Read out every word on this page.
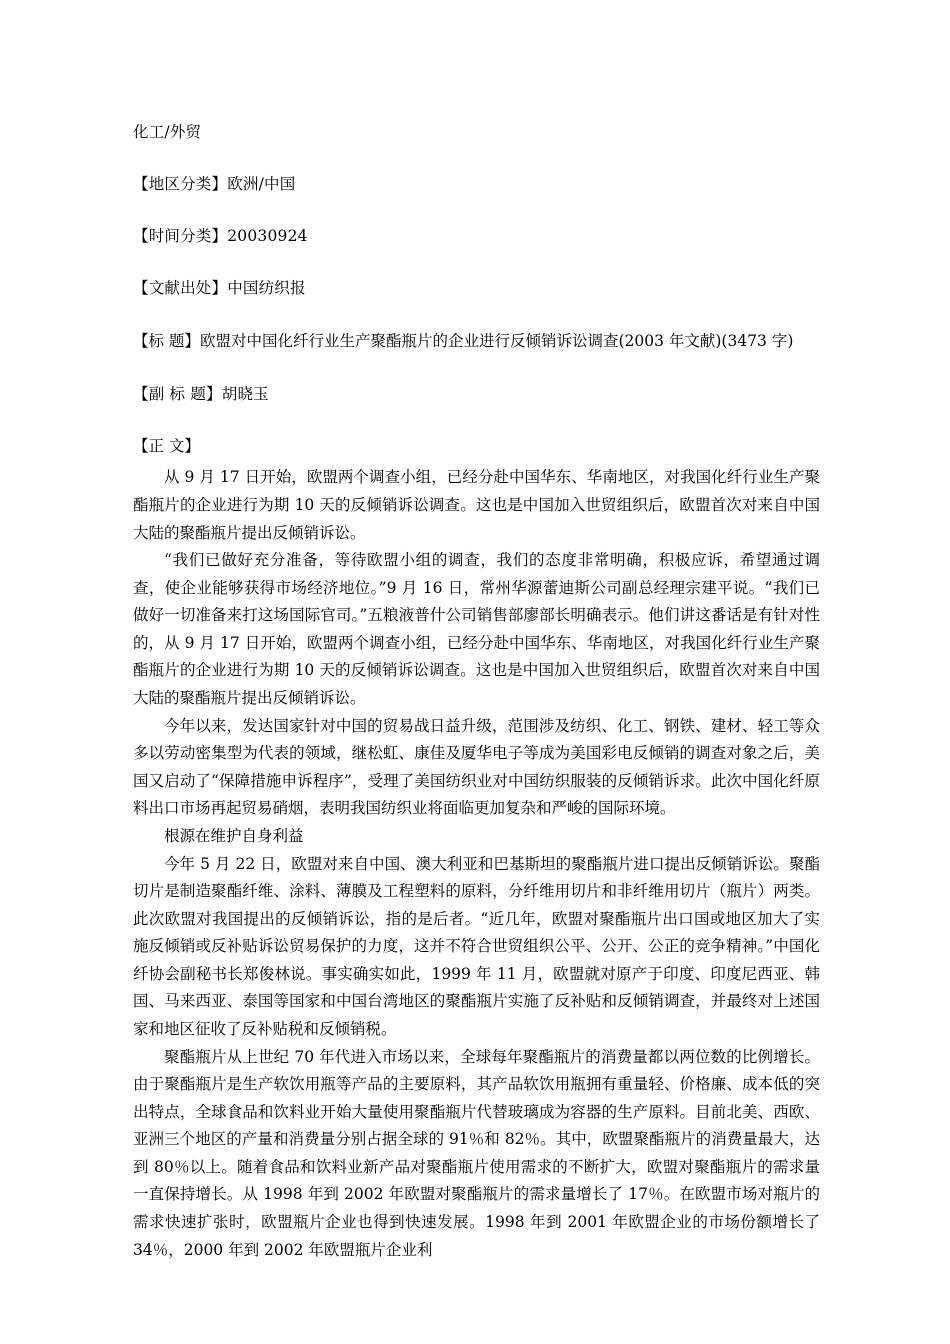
化工/外贸
【地区分类】欧洲/中国
【时间分类】20030924
【文献出处】中国纺织报
【标 题】欧盟对中国化纤行业生产聚酯瓶片的企业进行反倾销诉讼调查(2003 年文献)(3473 字)
【副 标 题】胡晓玉
【正 文】

从 9 月 17 日开始，欧盟两个调查小组，已经分赴中国华东、华南地区，对我国化纤行业生产聚酯瓶片的企业进行为期 10 天的反倾销诉讼调查。这也是中国加入世贸组织后，欧盟首次对来自中国大陆的聚酯瓶片提出反倾销诉讼。

“我们已做好充分准备，等待欧盟小组的调查，我们的态度非常明确，积极应诉，希望通过调查，使企业能够获得市场经济地位。”9 月 16 日，常州华源蕾迪斯公司副总经理宗建平说。“我们已做好一切准备来打这场国际官司。”五粮液普什公司销售部廖部长明确表示。他们讲这番话是有针对性的，从 9 月 17 日开始，欧盟两个调查小组，已经分赴中国华东、华南地区，对我国化纤行业生产聚酯瓶片的企业进行为期 10 天的反倾销诉讼调查。这也是中国加入世贸组织后，欧盟首次对来自中国大陆的聚酯瓶片提出反倾销诉讼。

今年以来，发达国家针对中国的贸易战日益升级，范围涉及纺织、化工、钢铁、建材、轻工等众多以劳动密集型为代表的领域，继松虹、康佳及厦华电子等成为美国彩电反倾销的调查对象之后，美国又启动了“保障措施申诉程序”，受理了美国纺织业对中国纺织服装的反倾销诉求。此次中国化纤原料出口市场再起贸易硝烟，表明我国纺织业将面临更加复杂和严峻的国际环境。

根源在维护自身利益

今年 5 月 22 日，欧盟对来自中国、澳大利亚和巴基斯坦的聚酯瓶片进口提出反倾销诉讼。聚酯切片是制造聚酯纤维、涂料、薄膜及工程塑料的原料，分纤维用切片和非纤维用切片（瓶片）两类。此次欧盟对我国提出的反倾销诉讼，指的是后者。“近几年，欧盟对聚酯瓶片出口国或地区加大了实施反倾销或反补贴诉讼贸易保护的力度，这并不符合世贸组织公平、公开、公正的竞争精神。”中国化纤协会副秘书长郑俊林说。事实确实如此，1999 年 11 月，欧盟就对原产于印度、印度尼西亚、韩国、马来西亚、泰国等国家和中国台湾地区的聚酯瓶片实施了反补贴和反倾销调查，并最终对上述国家和地区征收了反补贴税和反倾销税。

聚酯瓶片从上世纪 70 年代进入市场以来，全球每年聚酯瓶片的消费量都以两位数的比例增长。由于聚酯瓶片是生产软饮用瓶等产品的主要原料，其产品软饮用瓶拥有重量轻、价格廉、成本低的突出特点，全球食品和饮料业开始大量使用聚酯瓶片代替玻璃成为容器的生产原料。目前北美、西欧、亚洲三个地区的产量和消费量分别占据全球的 91％和 82％。其中，欧盟聚酯瓶片的消费量最大，达到 80％以上。随着食品和饮料业新产品对聚酯瓶片使用需求的不断扩大，欧盟对聚酯瓶片的需求量一直保持增长。从 1998 年到 2002 年欧盟对聚酯瓶片的需求量增长了 17％。在欧盟市场对瓶片的需求快速扩张时，欧盟瓶片企业也得到快速发展。1998 年到 2001 年欧盟企业的市场份额增长了 34％，2000 年到 2002 年欧盟瓶片企业利
